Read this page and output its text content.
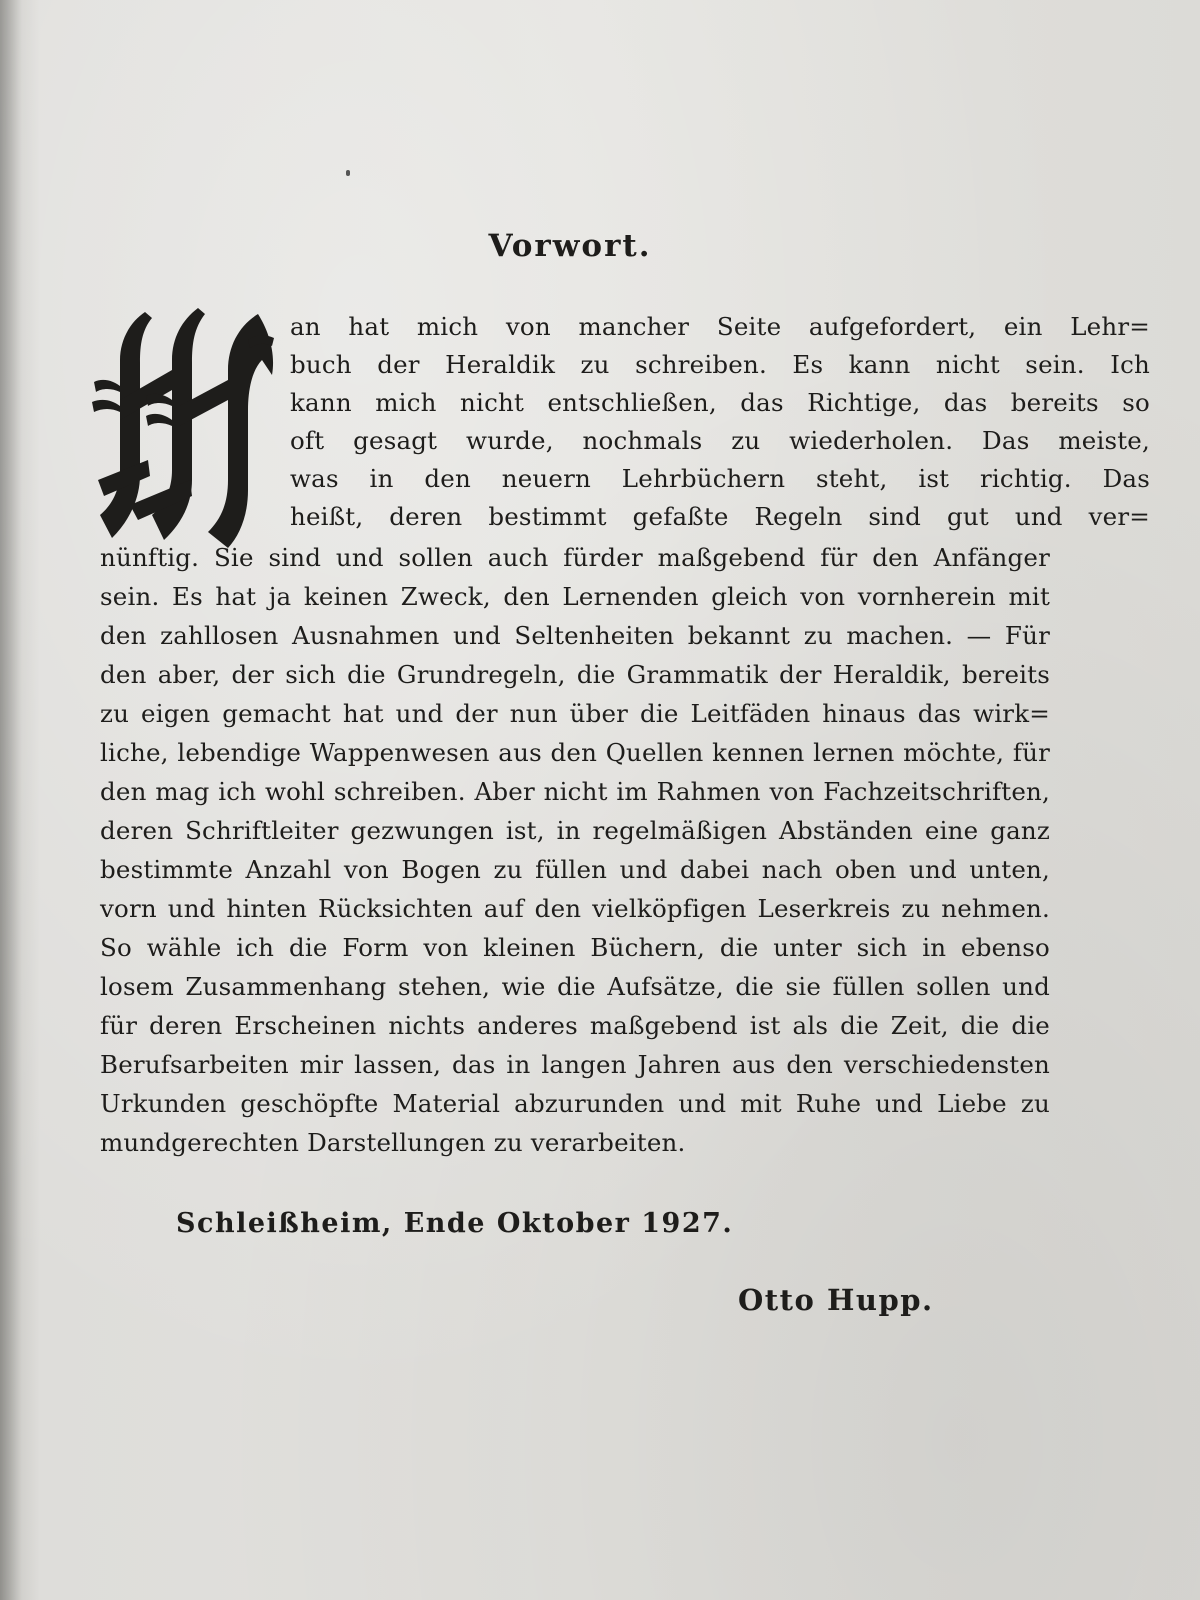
Vorwort.
an hat mich von mancher Seite aufgefordert, ein Lehr=
buch der Heraldik zu schreiben. Es kann nicht sein. Ich
kann mich nicht entschließen, das Richtige, das bereits so
oft gesagt wurde, nochmals zu wiederholen. Das meiste,
was in den neuern Lehrbüchern steht, ist richtig. Das
heißt, deren bestimmt gefaßte Regeln sind gut und ver=
nünftig. Sie sind und sollen auch fürder maßgebend für den Anfänger
sein. Es hat ja keinen Zweck, den Lernenden gleich von vornherein mit
den zahllosen Ausnahmen und Seltenheiten bekannt zu machen. — Für
den aber, der sich die Grundregeln, die Grammatik der Heraldik, bereits
zu eigen gemacht hat und der nun über die Leitfäden hinaus das wirk=
liche, lebendige Wappenwesen aus den Quellen kennen lernen möchte, für
den mag ich wohl schreiben. Aber nicht im Rahmen von Fachzeitschriften,
deren Schriftleiter gezwungen ist, in regelmäßigen Abständen eine ganz
bestimmte Anzahl von Bogen zu füllen und dabei nach oben und unten,
vorn und hinten Rücksichten auf den vielköpfigen Leserkreis zu nehmen.
So wähle ich die Form von kleinen Büchern, die unter sich in ebenso
losem Zusammenhang stehen, wie die Aufsätze, die sie füllen sollen und
für deren Erscheinen nichts anderes maßgebend ist als die Zeit, die die
Berufsarbeiten mir lassen, das in langen Jahren aus den verschiedensten
Urkunden geschöpfte Material abzurunden und mit Ruhe und Liebe zu
mundgerechten Darstellungen zu verarbeiten.
Schleißheim, Ende Oktober 1927.
Otto Hupp.
